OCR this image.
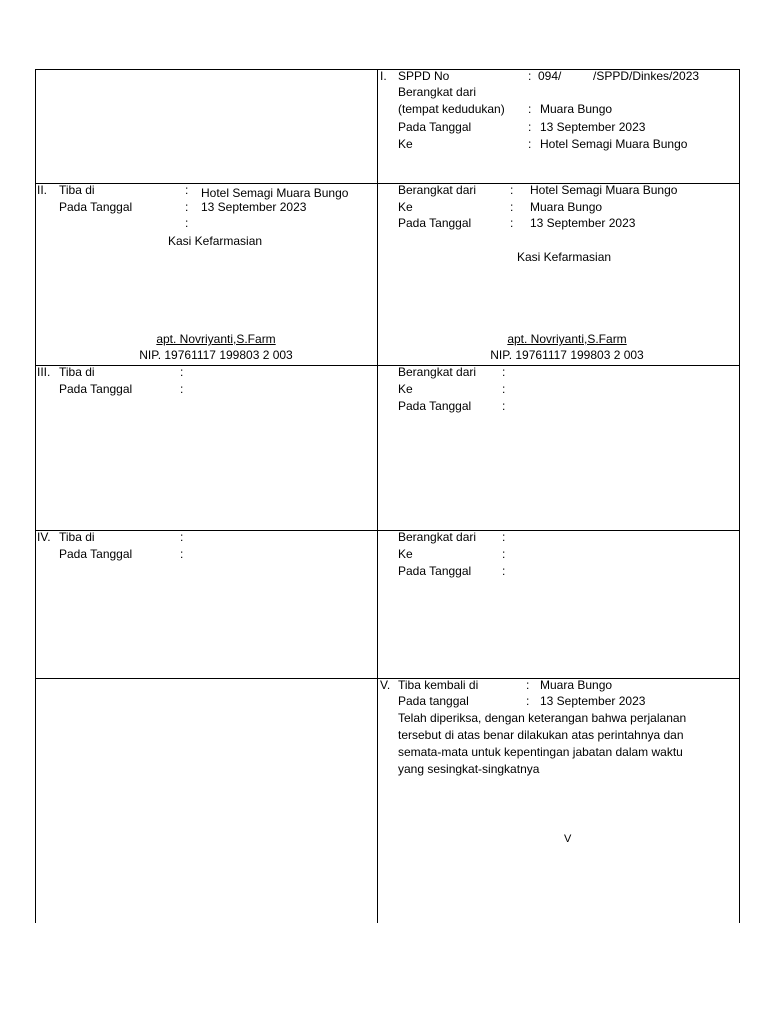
I. SPPD No	: 094/	/SPPD/Dinkes/2023
Berangkat dari
(tempat kedudukan) : Muara Bungo
Pada Tanggal	: 13 September 2023
Ke	: Hotel Semagi Muara Bungo
II. Tiba di	: Hotel Semagi Muara Bungo
Pada Tanggal	: 13 September 2023
:
Kasi Kefarmasian
apt. Novriyanti,S.Farm
NIP. 19761117 199803 2 003
Berangkat dari	: Hotel Semagi Muara Bungo
Ke	: Muara Bungo
Pada Tanggal	: 13 September 2023
Kasi Kefarmasian
apt. Novriyanti,S.Farm
NIP. 19761117 199803 2 003
III. Tiba di	:
Pada Tanggal	:
Berangkat dari :
Ke	:
Pada Tanggal	:
IV. Tiba di	:
Pada Tanggal	:
Berangkat dari :
Ke	:
Pada Tanggal	:
V. Tiba kembali di	: Muara Bungo
Pada tanggal	: 13 September 2023
Telah diperiksa, dengan keterangan bahwa perjalanan
tersebut di atas benar dilakukan atas perintahnya dan
semata-mata untuk kepentingan jabatan dalam waktu
yang sesingkat-singkatnya
V
